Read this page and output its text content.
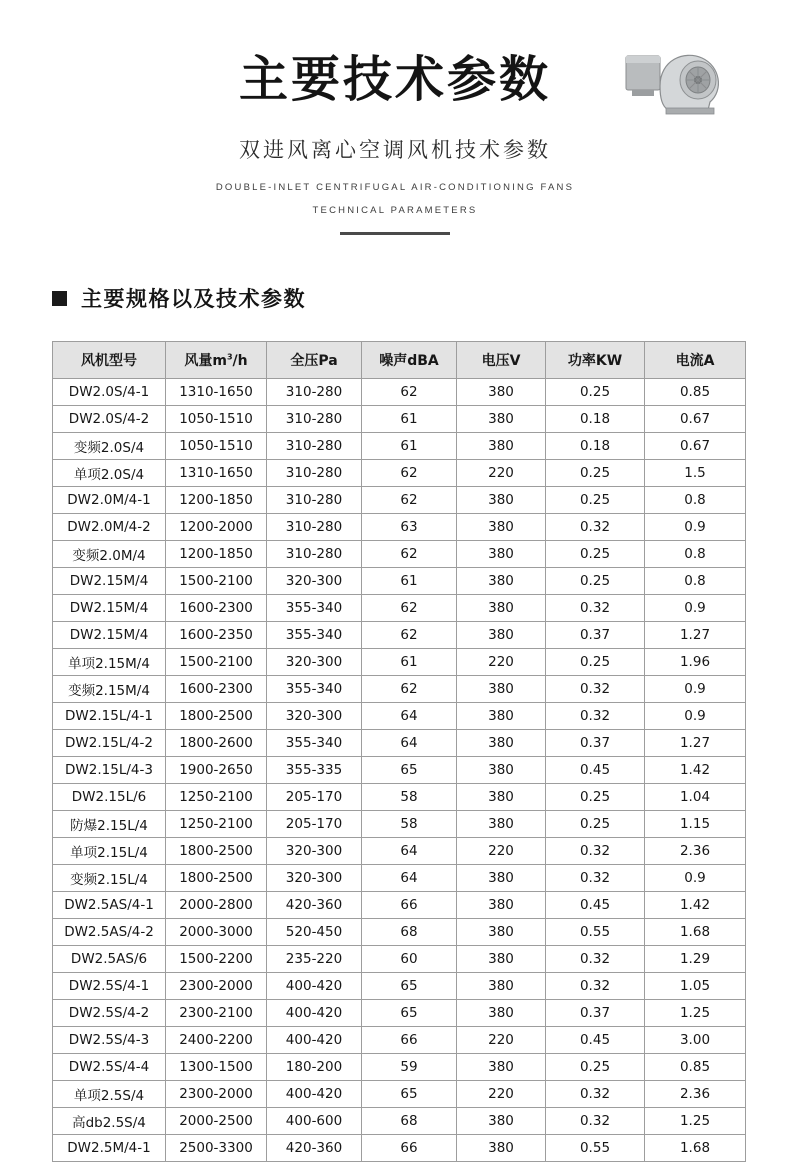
主要技术参数
双进风离心空调风机技术参数
DOUBLE-INLET CENTRIFUGAL AIR-CONDITIONING FANS
TECHNICAL PARAMETERS
主要规格以及技术参数
风机型号	风量$m^3/h$	全压Pa	噪声dBA	电压V	功率KW	电流A
DW2.0S/4-1	1310-1650	310-280	62	380	0.25	0.85
DW2.0S/4-2	1050-1510	310-280	61	380	0.18	0.67
变频2.0S/4	1050-1510	310-280	61	380	0.18	0.67
单项2.0S/4	1310-1650	310-280	62	220	0.25	1.5
DW2.0M/4-1	1200-1850	310-280	62	380	0.25	0.8
DW2.0M/4-2	1200-2000	310-280	63	380	0.32	0.9
变频2.0M/4	1200-1850	310-280	62	380	0.25	0.8
DW2.15M/4	1500-2100	320-300	61	380	0.25	0.8
DW2.15M/4	1600-2300	355-340	62	380	0.32	0.9
DW2.15M/4	1600-2350	355-340	62	380	0.37	1.27
单项2.15M/4	1500-2100	320-300	61	220	0.25	1.96
变频2.15M/4	1600-2300	355-340	62	380	0.32	0.9
DW2.15L/4-1	1800-2500	320-300	64	380	0.32	0.9
DW2.15L/4-2	1800-2600	355-340	64	380	0.37	1.27
DW2.15L/4-3	1900-2650	355-335	65	380	0.45	1.42
DW2.15L/6	1250-2100	205-170	58	380	0.25	1.04
防爆2.15L/4	1250-2100	205-170	58	380	0.25	1.15
单项2.15L/4	1800-2500	320-300	64	220	0.32	2.36
变频2.15L/4	1800-2500	320-300	64	380	0.32	0.9
DW2.5AS/4-1	2000-2800	420-360	66	380	0.45	1.42
DW2.5AS/4-2	2000-3000	520-450	68	380	0.55	1.68
DW2.5AS/6	1500-2200	235-220	60	380	0.32	1.29
DW2.5S/4-1	2300-2000	400-420	65	380	0.32	1.05
DW2.5S/4-2	2300-2100	400-420	65	380	0.37	1.25
DW2.5S/4-3	2400-2200	400-420	66	220	0.45	3.00
DW2.5S/4-4	1300-1500	180-200	59	380	0.25	0.85
单项2.5S/4	2300-2000	400-420	65	220	0.32	2.36
高db2.5S/4	2000-2500	400-600	68	380	0.32	1.25
DW2.5M/4-1	2500-3300	420-360	66	380	0.55	1.68
